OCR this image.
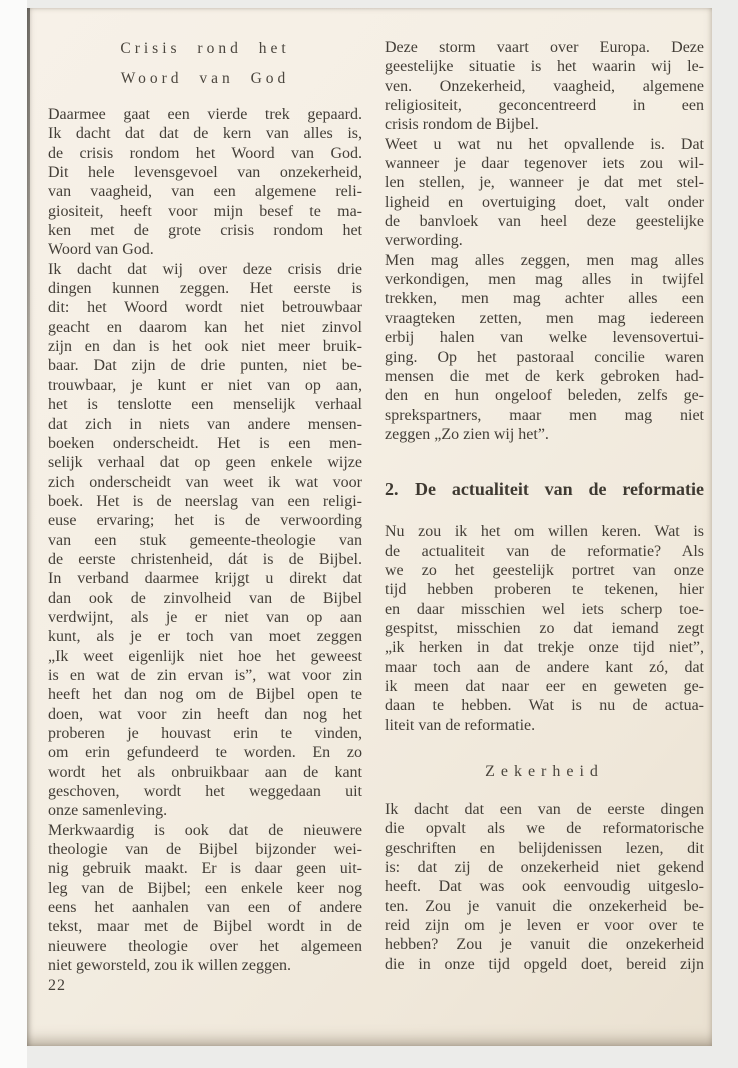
Crisis rond het
Woord van God
Daarmee gaat een vierde trek gepaard.
Ik dacht dat dat de kern van alles is,
de crisis rondom het Woord van God.
Dit hele levensgevoel van onzekerheid,
van vaagheid, van een algemene reli-
giositeit, heeft voor mijn besef te ma-
ken met de grote crisis rondom het
Woord van God.
Ik dacht dat wij over deze crisis drie
dingen kunnen zeggen. Het eerste is
dit: het Woord wordt niet betrouwbaar
geacht en daarom kan het niet zinvol
zijn en dan is het ook niet meer bruik-
baar. Dat zijn de drie punten, niet be-
trouwbaar, je kunt er niet van op aan,
het is tenslotte een menselijk verhaal
dat zich in niets van andere mensen-
boeken onderscheidt. Het is een men-
selijk verhaal dat op geen enkele wijze
zich onderscheidt van weet ik wat voor
boek. Het is de neerslag van een religi-
euse ervaring; het is de verwoording
van een stuk gemeente-theologie van
de eerste christenheid, dát is de Bijbel.
In verband daarmee krijgt u direkt dat
dan ook de zinvolheid van de Bijbel
verdwijnt, als je er niet van op aan
kunt, als je er toch van moet zeggen
„Ik weet eigenlijk niet hoe het geweest
is en wat de zin ervan is”, wat voor zin
heeft het dan nog om de Bijbel open te
doen, wat voor zin heeft dan nog het
proberen je houvast erin te vinden,
om erin gefundeerd te worden. En zo
wordt het als onbruikbaar aan de kant
geschoven, wordt het weggedaan uit
onze samenleving.
Merkwaardig is ook dat de nieuwere
theologie van de Bijbel bijzonder wei-
nig gebruik maakt. Er is daar geen uit-
leg van de Bijbel; een enkele keer nog
eens het aanhalen van een of andere
tekst, maar met de Bijbel wordt in de
nieuwere theologie over het algemeen
niet geworsteld, zou ik willen zeggen.
22
Deze storm vaart over Europa. Deze
geestelijke situatie is het waarin wij le-
ven. Onzekerheid, vaagheid, algemene
religiositeit, geconcentreerd in een
crisis rondom de Bijbel.
Weet u wat nu het opvallende is. Dat
wanneer je daar tegenover iets zou wil-
len stellen, je, wanneer je dat met stel-
ligheid en overtuiging doet, valt onder
de banvloek van heel deze geestelijke
verwording.
Men mag alles zeggen, men mag alles
verkondigen, men mag alles in twijfel
trekken, men mag achter alles een
vraagteken zetten, men mag iedereen
erbij halen van welke levensovertui-
ging. Op het pastoraal concilie waren
mensen die met de kerk gebroken had-
den en hun ongeloof beleden, zelfs ge-
sprekspartners, maar men mag niet
zeggen „Zo zien wij het”.
2. De actualiteit van de reformatie
Nu zou ik het om willen keren. Wat is
de actualiteit van de reformatie? Als
we zo het geestelijk portret van onze
tijd hebben proberen te tekenen, hier
en daar misschien wel iets scherp toe-
gespitst, misschien zo dat iemand zegt
„ik herken in dat trekje onze tijd niet”,
maar toch aan de andere kant zó, dat
ik meen dat naar eer en geweten ge-
daan te hebben. Wat is nu de actua-
liteit van de reformatie.
Zekerheid
Ik dacht dat een van de eerste dingen
die opvalt als we de reformatorische
geschriften en belijdenissen lezen, dit
is: dat zij de onzekerheid niet gekend
heeft. Dat was ook eenvoudig uitgeslo-
ten. Zou je vanuit die onzekerheid be-
reid zijn om je leven er voor over te
hebben? Zou je vanuit die onzekerheid
die in onze tijd opgeld doet, bereid zijn
